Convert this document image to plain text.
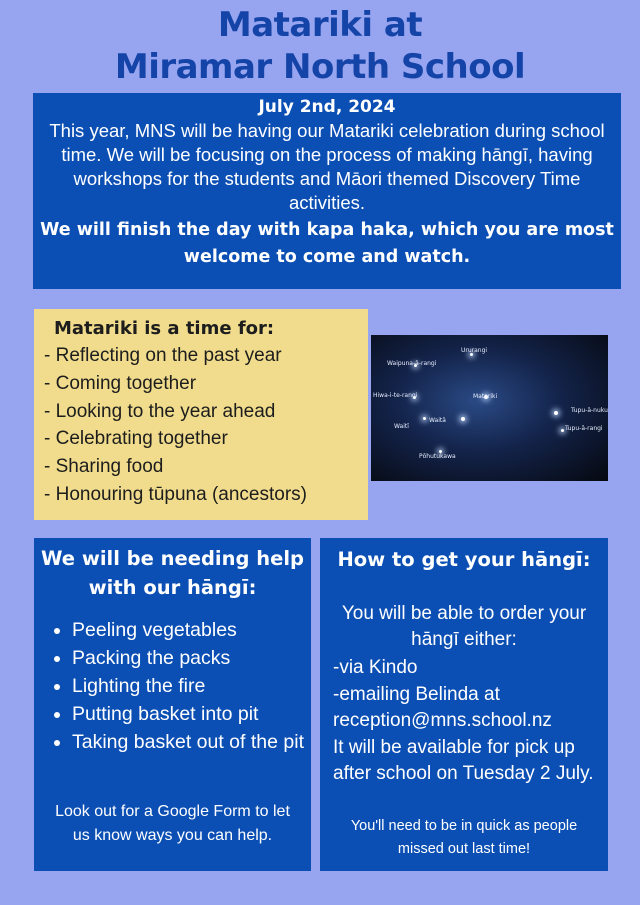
Matariki at
Miramar North School
July 2nd, 2024
This year, MNS will be having our Matariki celebration during school time. We will be focusing on the process of making hāngī, having workshops for the students and Māori themed Discovery Time activities.
We will finish the day with kapa haka, which you are most welcome to come and watch.
Matariki is a time for:
- Reflecting on the past year
- Coming together
- Looking to the year ahead
- Celebrating together
- Sharing food
- Honouring tūpuna (ancestors)
Waipuna-ā-rangi
Ururangi
Hiwa-i-te-rangi	Matariki
Tupu-ā-nuku
Tupu-ā-rangi
Waitī
Waitā
Pōhutukawa
We will be needing help
with our hāngī:
• Peeling vegetables
• Packing the packs
• Lighting the fire
• Putting basket into pit
• Taking basket out of the pit
Look out for a Google Form to let
us know ways you can help.
How to get your hāngī:
You will be able to order your
hāngī either:
-via Kindo
-emailing Belinda at
reception@mns.school.nz
It will be available for pick up
after school on Tuesday 2 July.
You'll need to be in quick as people
missed out last time!
